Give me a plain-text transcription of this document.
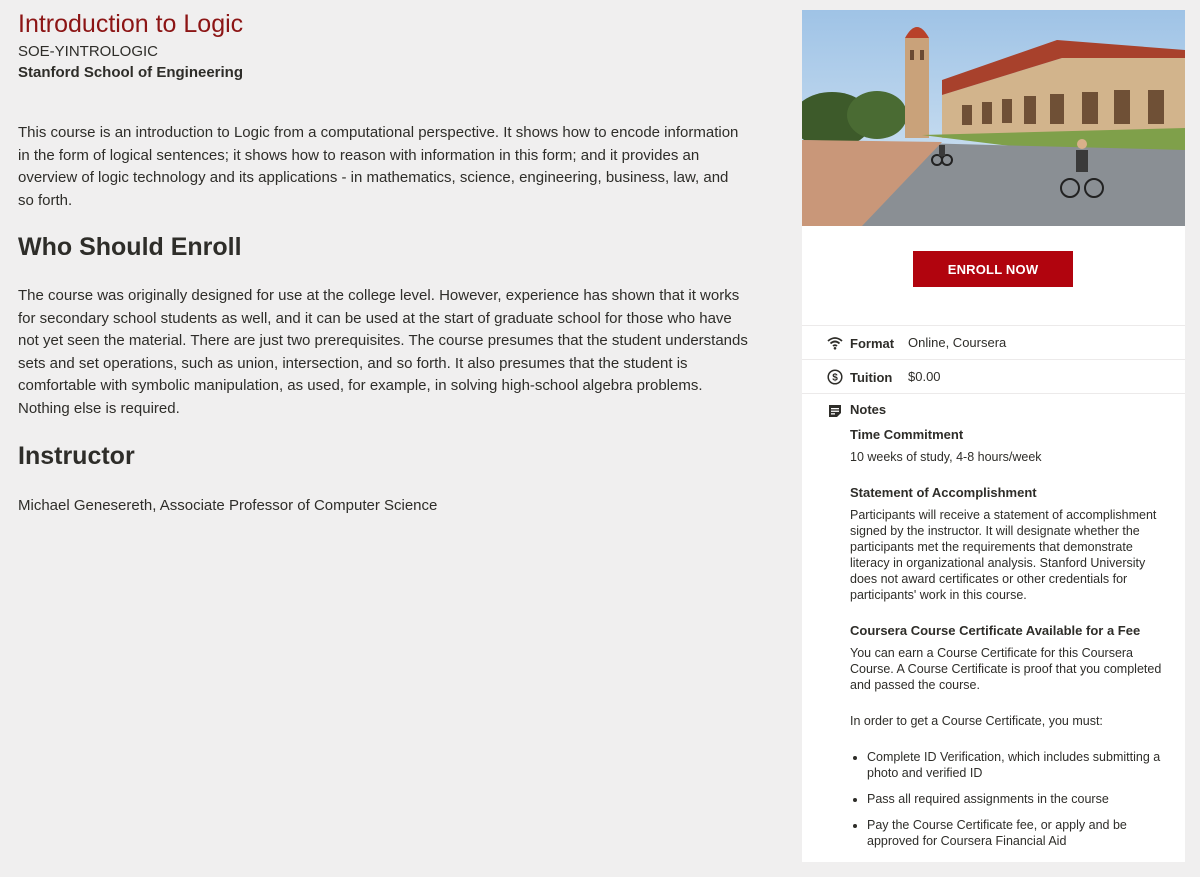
Introduction to Logic
SOE-YINTROLOGIC
Stanford School of Engineering

This course is an introduction to Logic from a computational perspective. It shows how to encode information in the form of logical sentences; it shows how to reason with information in this form; and it provides an overview of logic technology and its applications - in mathematics, science, engineering, business, law, and so forth.

Who Should Enroll

The course was originally designed for use at the college level. However, experience has shown that it works for secondary school students as well, and it can be used at the start of graduate school for those who have not yet seen the material. There are just two prerequisites. The course presumes that the student understands sets and set operations, such as union, intersection, and so forth. It also presumes that the student is comfortable with symbolic manipulation, as used, for example, in solving high-school algebra problems. Nothing else is required.

Instructor

Michael Genesereth, Associate Professor of Computer Science

ENROLL NOW
Format Online, Coursera
$ Tuition $0.00
Notes
Time Commitment
10 weeks of study, 4-8 hours/week
Statement of Accomplishment
Participants will receive a statement of accomplishment signed by the instructor. It will designate whether the participants met the requirements that demonstrate literacy in organizational analysis. Stanford University does not award certificates or other credentials for participants' work in this course.
Coursera Course Certificate Available for a Fee
You can earn a Course Certificate for this Coursera Course. A Course Certificate is proof that you completed and passed the course.
In order to get a Course Certificate, you must:
• Complete ID Verification, which includes submitting a photo and verified ID
• Pass all required assignments in the course
• Pay the Course Certificate fee, or apply and be approved for Coursera Financial Aid
